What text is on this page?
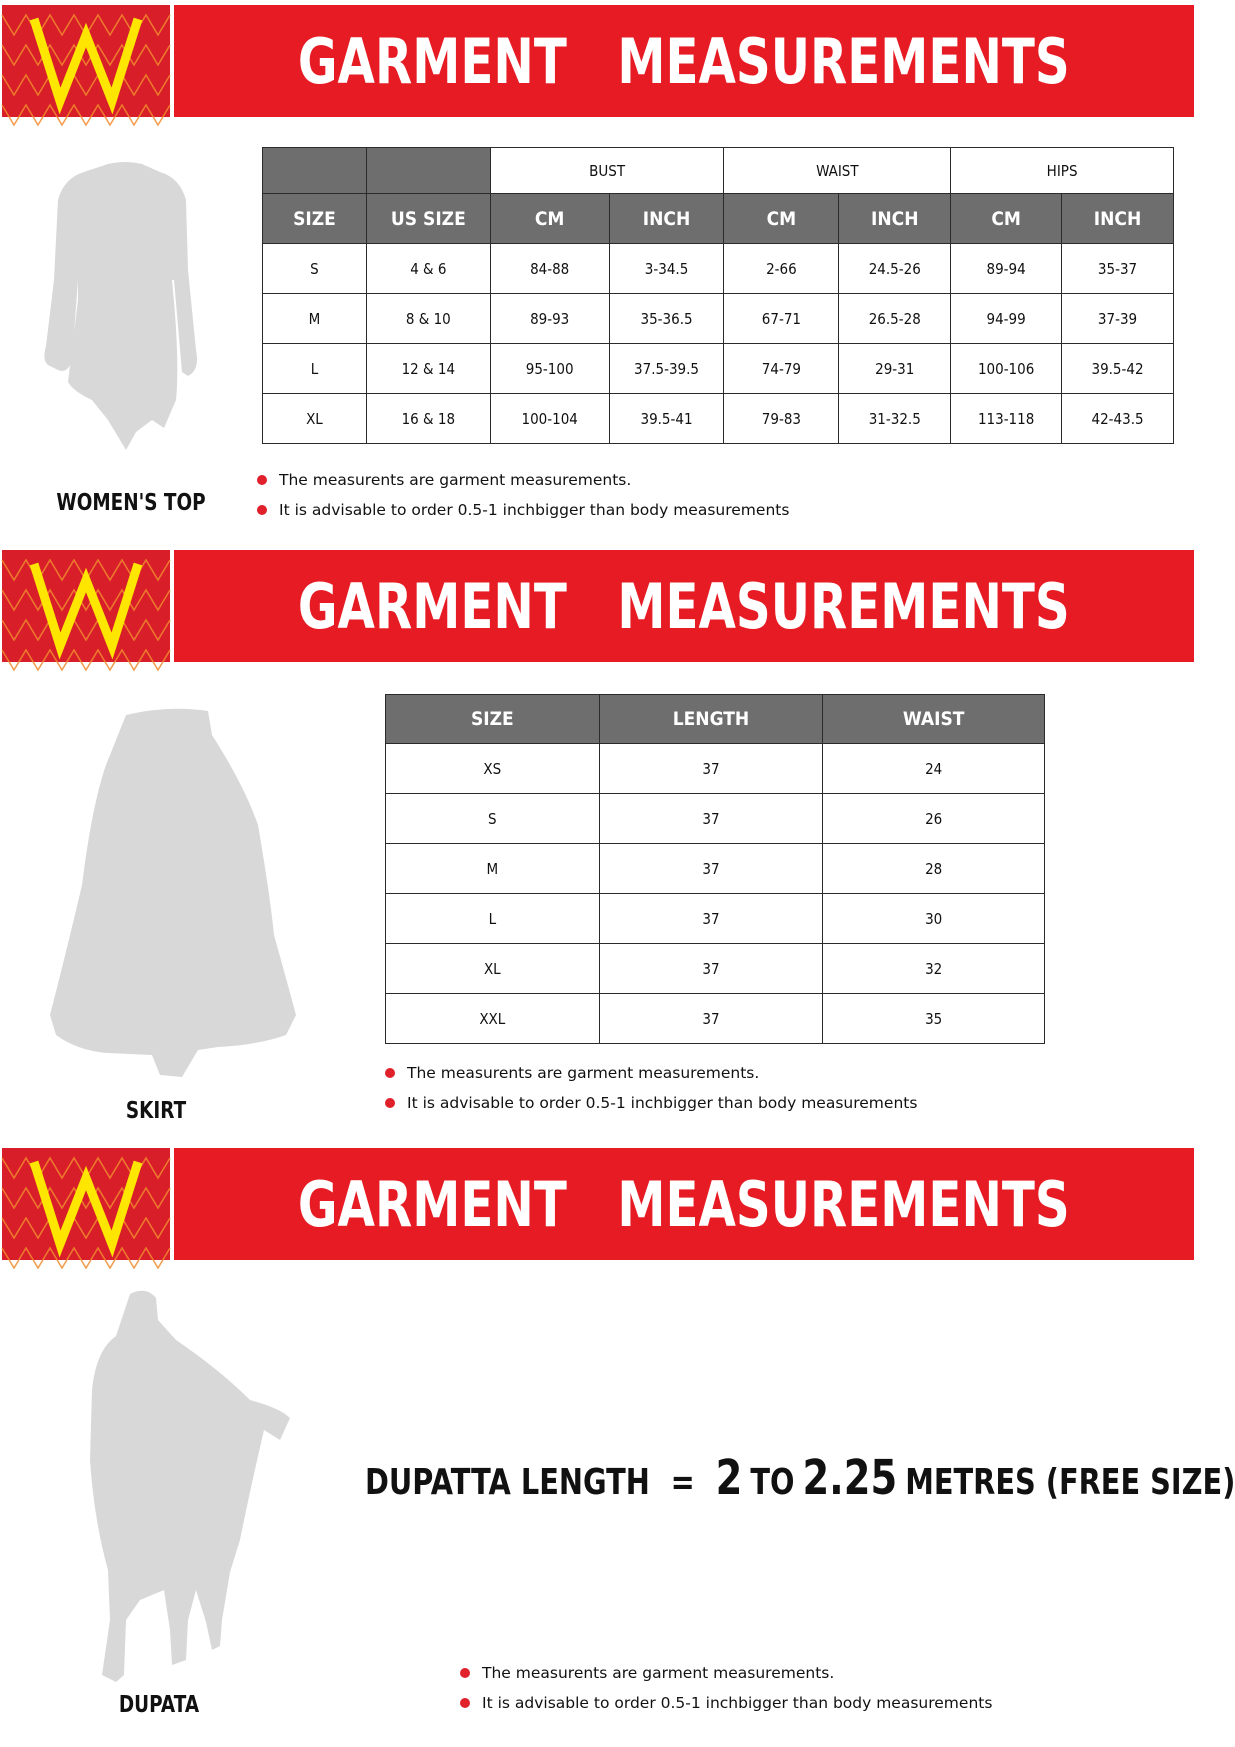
GARMENT   MEASUREMENTS
WOMEN'S TOP
		BUST		WAIST		HIPS	
SIZE	US SIZE	CM	INCH	CM	INCH	CM	INCH
S	4 & 6	84-88	3-34.5	2-66	24.5-26	89-94	35-37
M	8 & 10	89-93	35-36.5	67-71	26.5-28	94-99	37-39
L	12 & 14	95-100	37.5-39.5	74-79	29-31	100-106	39.5-42
XL	16 & 18	100-104	39.5-41	79-83	31-32.5	113-118	42-43.5
The measurents are garment measurements.
It is advisable to order 0.5-1 inchbigger than body measurements
GARMENT   MEASUREMENTS
SKIRT
SIZE	LENGTH	WAIST
XS	37	24
S	37	26
M	37	28
L	37	30
XL	37	32
XXL	37	35
The measurents are garment measurements.
It is advisable to order 0.5-1 inchbigger than body measurements
GARMENT   MEASUREMENTS
DUPATA
DUPATTA LENGTH = 2 TO 2.25 METRES (FREE SIZE)
The measurents are garment measurements.
It is advisable to order 0.5-1 inchbigger than body measurements
